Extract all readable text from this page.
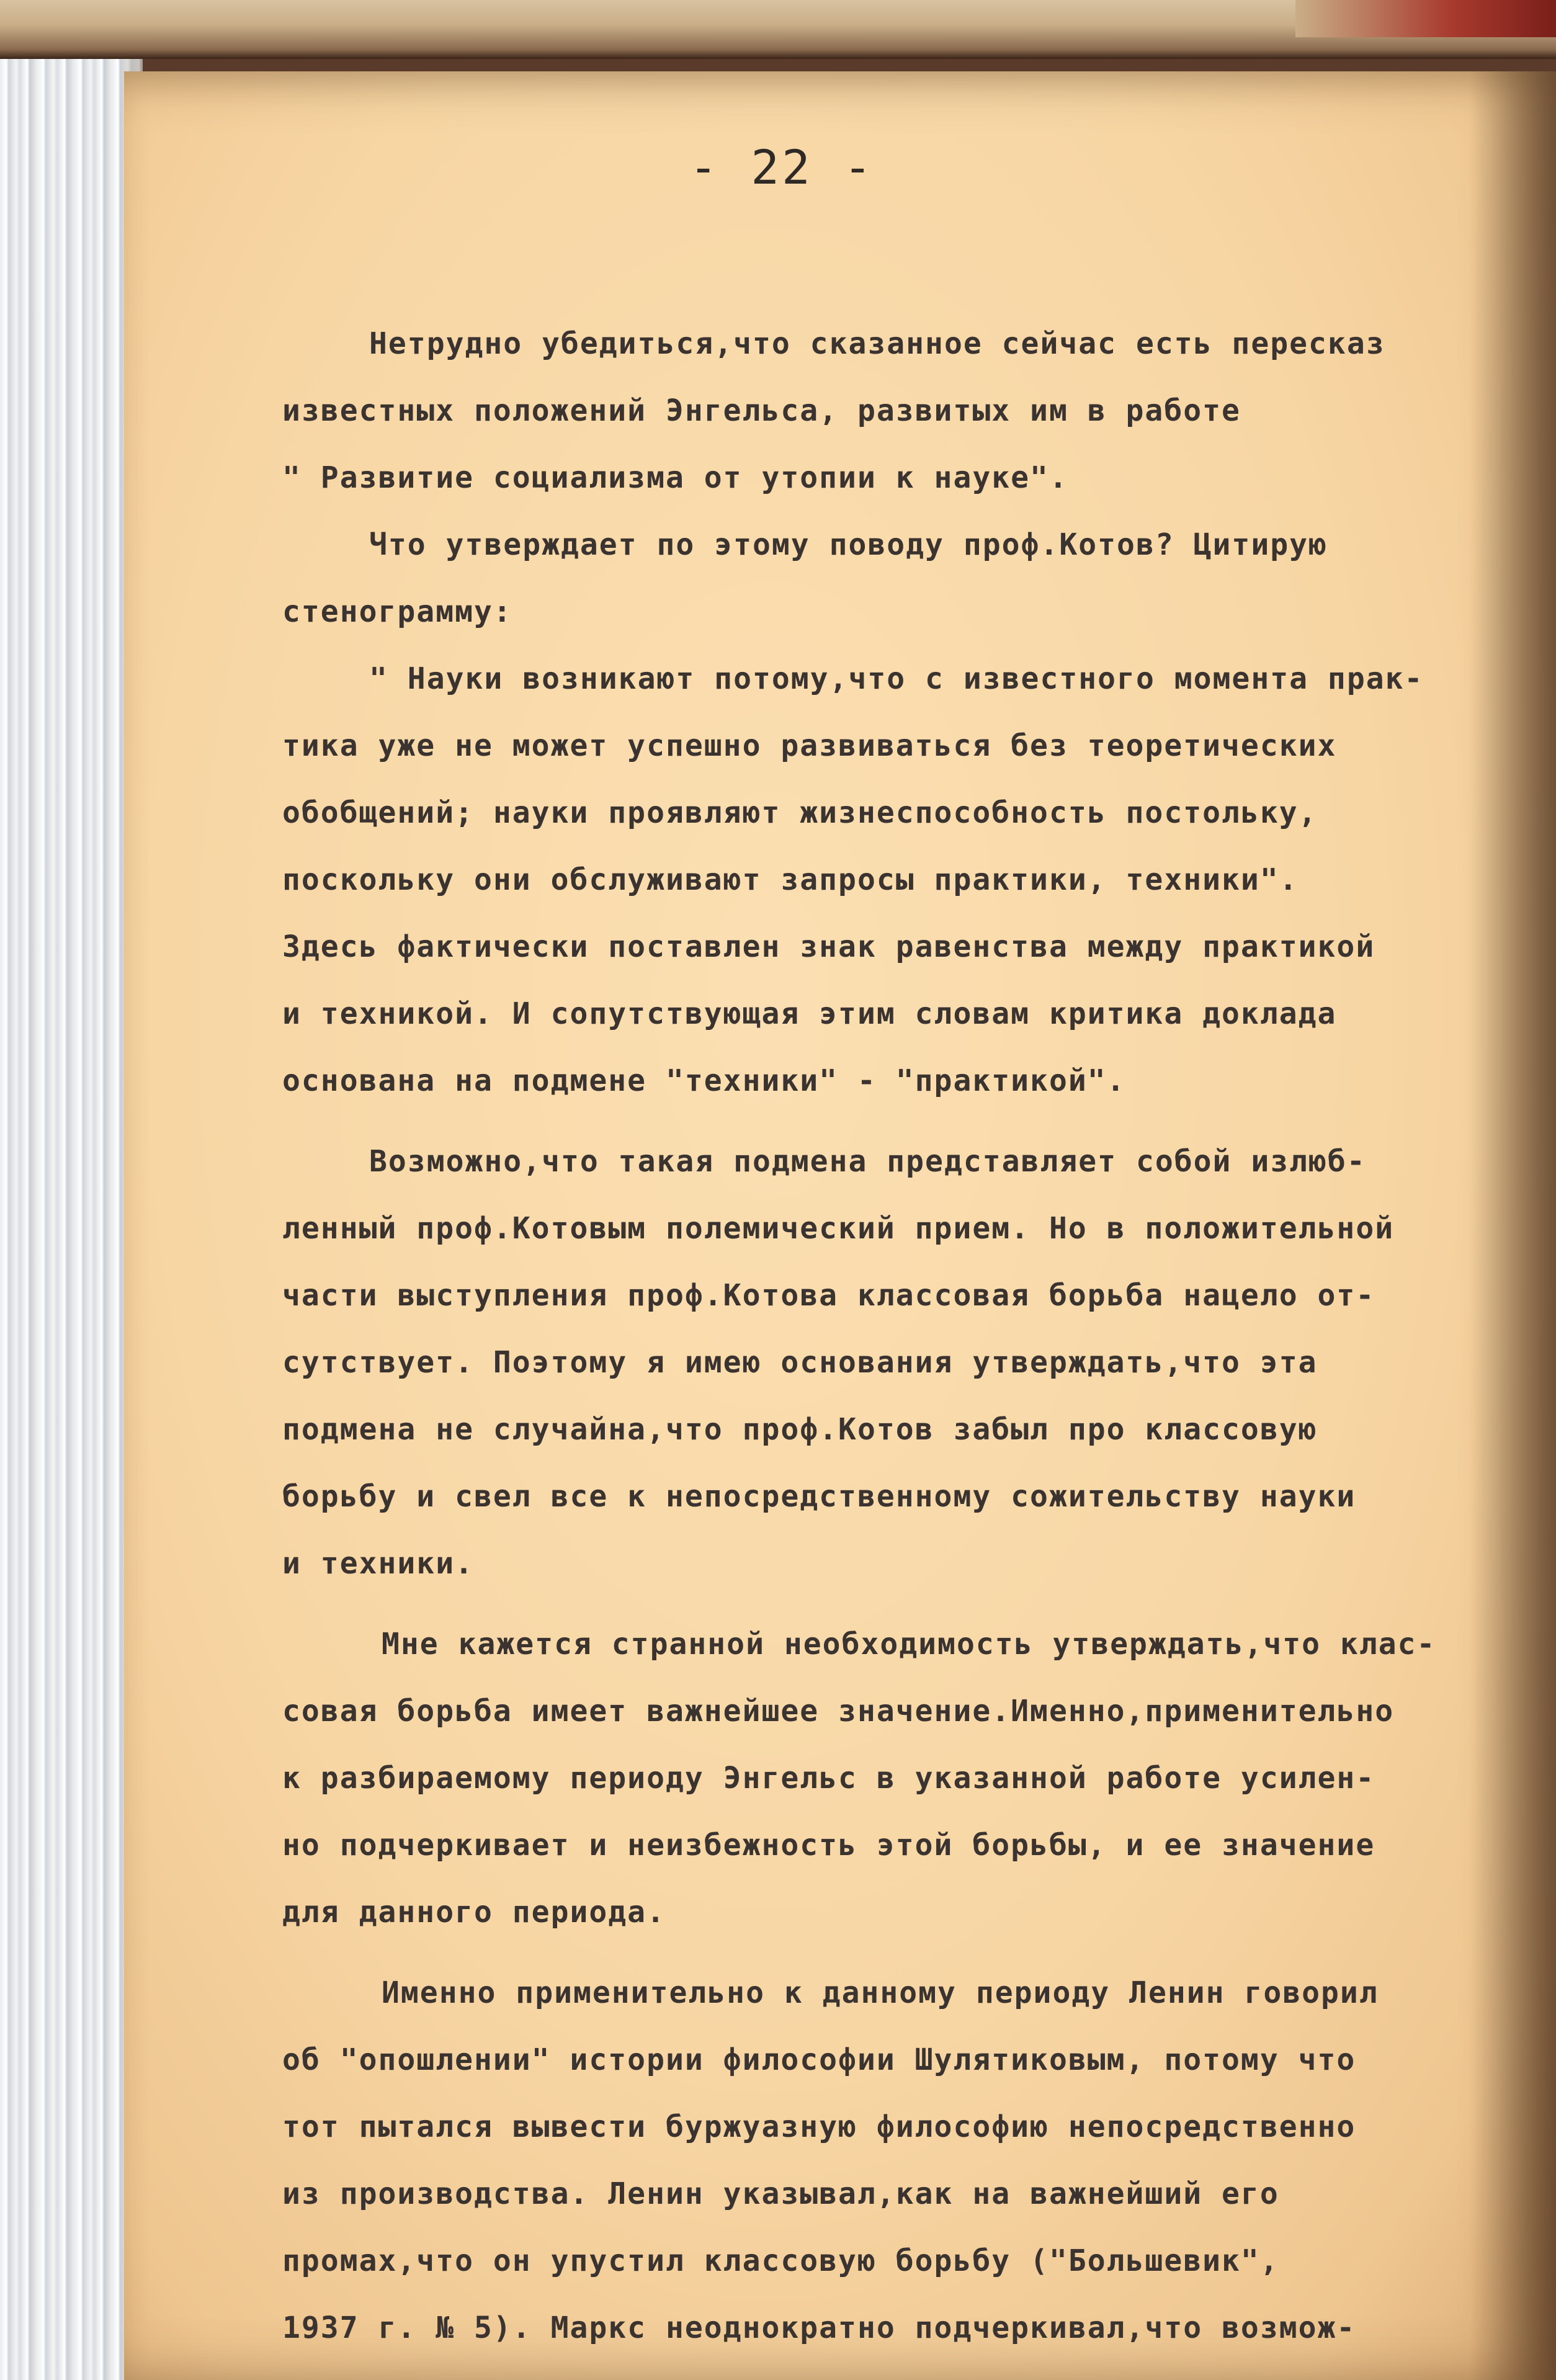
- 22 -
Нетрудно убедиться,что сказанное сейчас есть пересказ
известных положений Энгельса, развитых им в работе
" Развитие социализма от утопии к науке".
Что утверждает по этому поводу проф.Котов? Цитирую
стенограмму:
" Науки возникают потому,что с известного момента прак-
тика уже не может успешно развиваться без теоретических
обобщений; науки проявляют жизнеспособность постольку,
поскольку они обслуживают запросы практики, техники".
Здесь фактически поставлен знак равенства между практикой
и техникой. И сопутствующая этим словам критика доклада
основана на подмене "техники" - "практикой".
Возможно,что такая подмена представляет собой излюб-
ленный проф.Котовым полемический прием. Но в положительной
части выступления проф.Котова классовая борьба нацело от-
сутствует. Поэтому я имею основания утверждать,что эта
подмена не случайна,что проф.Котов забыл про классовую
борьбу и свел все к непосредственному сожительству науки
и техники.
Мне кажется странной необходимость утверждать,что клас-
совая борьба имеет важнейшее значение.Именно,применительно
к разбираемому периоду Энгельс в указанной работе усилен-
но подчеркивает и неизбежность этой борьбы, и ее значение
для данного периода.
Именно применительно к данному периоду Ленин говорил
об "опошлении" истории философии Шулятиковым, потому что
тот пытался вывести буржуазную философию непосредственно
из производства. Ленин указывал,как на важнейший его
промах,что он упустил классовую борьбу ("Большевик",
1937 г. № 5). Маркс неоднократно подчеркивал,что возмож-
